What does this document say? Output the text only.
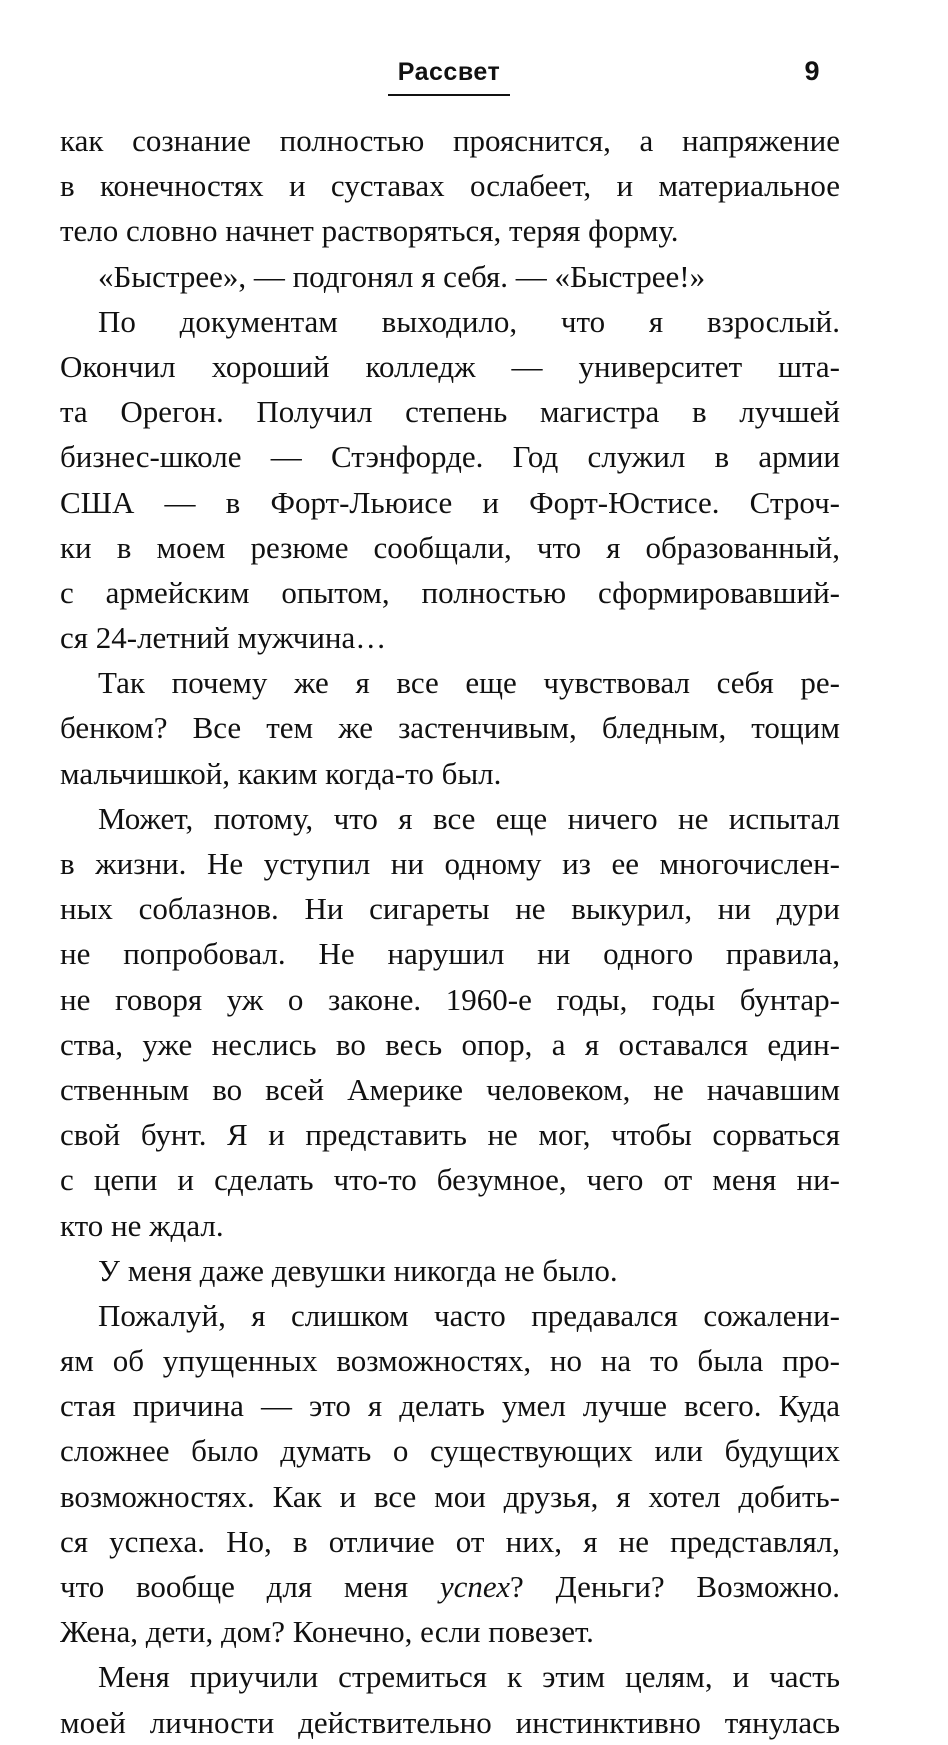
Рассвет	9
как сознание полностью прояснится, а напряжение
в конечностях и суставах ослабеет, и материальное
тело словно начнет растворяться, теряя форму.
«Быстрее», — подгонял я себя. — «Быстрее!»
По документам выходило, что я взрослый.
Окончил хороший колледж — университет шта-
та Орегон. Получил степень магистра в лучшей
бизнес-школе — Стэнфорде. Год служил в армии
США — в Форт-Льюисе и Форт-Юстисе. Строч-
ки в моем резюме сообщали, что я образованный,
с армейским опытом, полностью сформировавший-
ся 24-летний мужчина…
Так почему же я все еще чувствовал себя ре-
бенком? Все тем же застенчивым, бледным, тощим
мальчишкой, каким когда-то был.
Может, потому, что я все еще ничего не испытал
в жизни. Не уступил ни одному из ее многочислен-
ных соблазнов. Ни сигареты не выкурил, ни дури
не попробовал. Не нарушил ни одного правила,
не говоря уж о законе. 1960-е годы, годы бунтар-
ства, уже неслись во весь опор, а я оставался един-
ственным во всей Америке человеком, не начавшим
свой бунт. Я и представить не мог, чтобы сорваться
с цепи и сделать что-то безумное, чего от меня ни-
кто не ждал.
У меня даже девушки никогда не было.
Пожалуй, я слишком часто предавался сожалени-
ям об упущенных возможностях, но на то была про-
стая причина — это я делать умел лучше всего. Куда
сложнее было думать о существующих или будущих
возможностях. Как и все мои друзья, я хотел добить-
ся успеха. Но, в отличие от них, я не представлял,
что вообще для меня успех? Деньги? Возможно.
Жена, дети, дом? Конечно, если повезет.
Меня приучили стремиться к этим целям, и часть
моей личности действительно инстинктивно тянулась
